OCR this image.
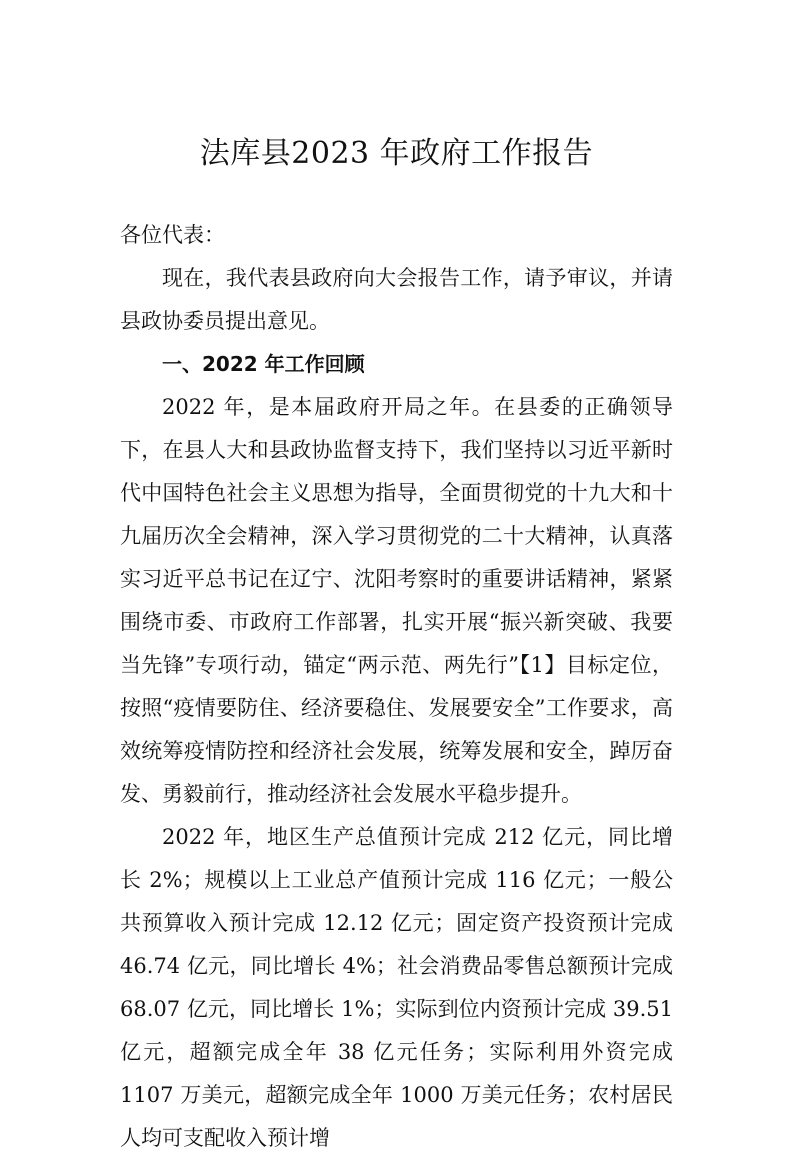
法库县2023 年政府工作报告

各位代表：

现在，我代表县政府向大会报告工作，请予审议，并请县政协委员提出意见。

一、2022 年工作回顾

2022 年，是本届政府开局之年。在县委的正确领导下，在县人大和县政协监督支持下，我们坚持以习近平新时代中国特色社会主义思想为指导，全面贯彻党的十九大和十九届历次全会精神，深入学习贯彻党的二十大精神，认真落实习近平总书记在辽宁、沈阳考察时的重要讲话精神，紧紧围绕市委、市政府工作部署，扎实开展“振兴新突破、我要当先锋”专项行动，锚定“两示范、两先行”【1】目标定位，按照“疫情要防住、经济要稳住、发展要安全”工作要求，高效统筹疫情防控和经济社会发展，统筹发展和安全，踔厉奋发、勇毅前行，推动经济社会发展水平稳步提升。

2022 年，地区生产总值预计完成 212 亿元，同比增长 2%；规模以上工业总产值预计完成 116 亿元；一般公共预算收入预计完成 12.12 亿元；固定资产投资预计完成 46.74 亿元，同比增长 4%；社会消费品零售总额预计完成 68.07 亿元，同比增长 1%；实际到位内资预计完成 39.51 亿元，超额完成全年 38 亿元任务；实际利用外资完成 1107 万美元，超额完成全年 1000 万美元任务；农村居民人均可支配收入预计增
